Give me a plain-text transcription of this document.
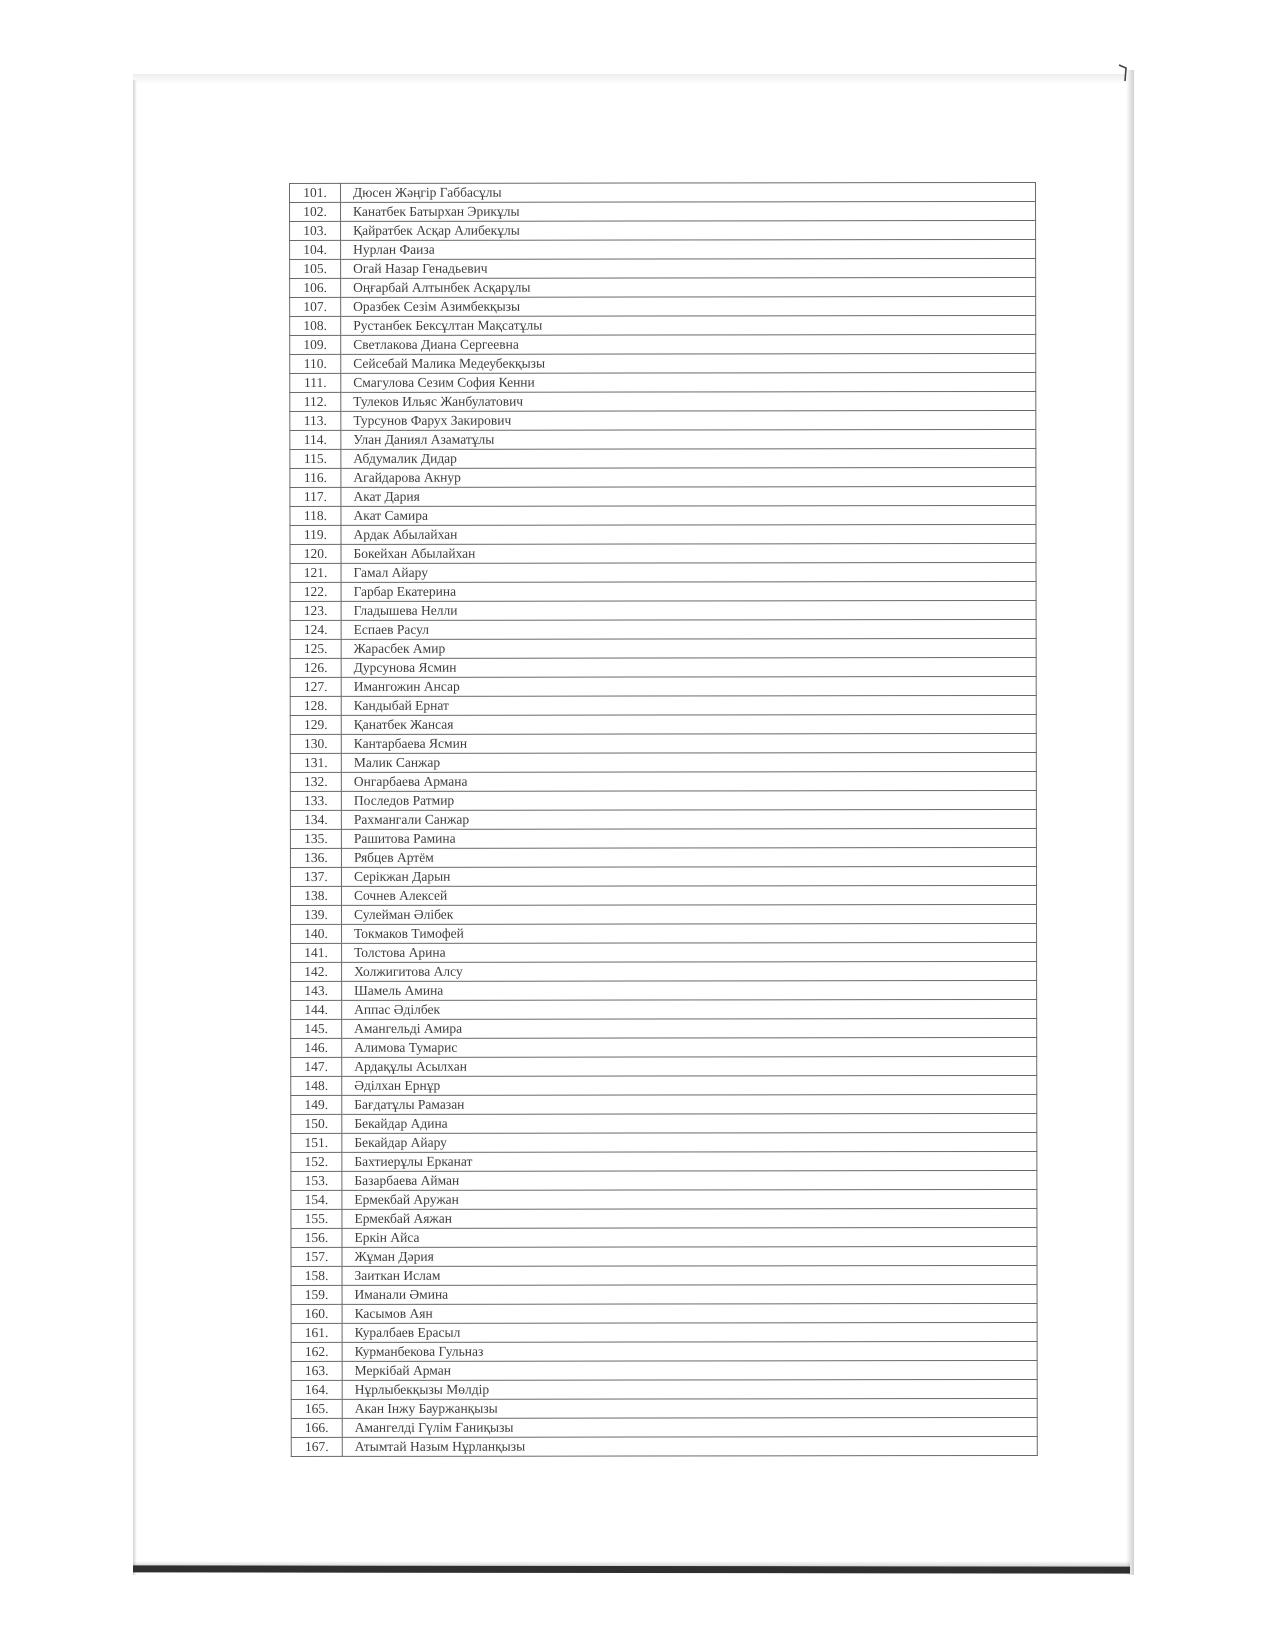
101.	Дюсен Жәңгір Габбасұлы
102.	Канатбек Батырхан Эрикұлы
103.	Қайратбек Асқар Алибекұлы
104.	Нурлан Фаиза
105.	Огай Назар Генадьевич
106.	Оңғарбай Алтынбек Асқарұлы
107.	Оразбек Сезім Азимбекқызы
108.	Рустанбек Бексұлтан Мақсатұлы
109.	Светлакова Диана Сергеевна
110.	Сейсебай Малика Медеубекқызы
111.	Смагулова Сезим София Кенни
112.	Тулеков Ильяс Жанбулатович
113.	Турсунов Фарух Закирович
114.	Улан Даниял Азаматұлы
115.	Абдумалик Дидар
116.	Агайдарова Акнур
117.	Акат Дария
118.	Акат Самира
119.	Ардак Абылайхан
120.	Бокейхан Абылайхан
121.	Гамал Айару
122.	Гарбар Екатерина
123.	Гладышева Нелли
124.	Еспаев Расул
125.	Жарасбек Амир
126.	Дурсунова Ясмин
127.	Имангожин Ансар
128.	Кандыбай Ернат
129.	Қанатбек Жансая
130.	Кантарбаева Ясмин
131.	Малик Санжар
132.	Онгарбаева Армана
133.	Последов Ратмир
134.	Рахмангали Санжар
135.	Рашитова Рамина
136.	Рябцев Артём
137.	Серікжан Дарын
138.	Сочнев Алексей
139.	Сулейман Әлібек
140.	Токмаков Тимофей
141.	Толстова Арина
142.	Холжигитова Алсу
143.	Шамель Амина
144.	Аппас Әділбек
145.	Амангельді Амира
146.	Алимова Тумарис
147.	Ардақұлы Асылхан
148.	Әділхан Ернұр
149.	Бағдатұлы Рамазан
150.	Бекайдар Адина
151.	Бекайдар Айару
152.	Бахтиерұлы Ерканат
153.	Базарбаева Айман
154.	Ермекбай Аружан
155.	Ермекбай Аяжан
156.	Еркін Айса
157.	Жұман Дәрия
158.	Заиткан Ислам
159.	Иманали Әмина
160.	Касымов Аян
161.	Куралбаев Ерасыл
162.	Курманбекова Гульназ
163.	Меркібай Арман
164.	Нұрлыбекқызы Мөлдір
165.	Акан Інжу Бауржанқызы
166.	Амангелді Гүлім Ғаниқызы
167.	Атымтай Назым Нұрланқызы
